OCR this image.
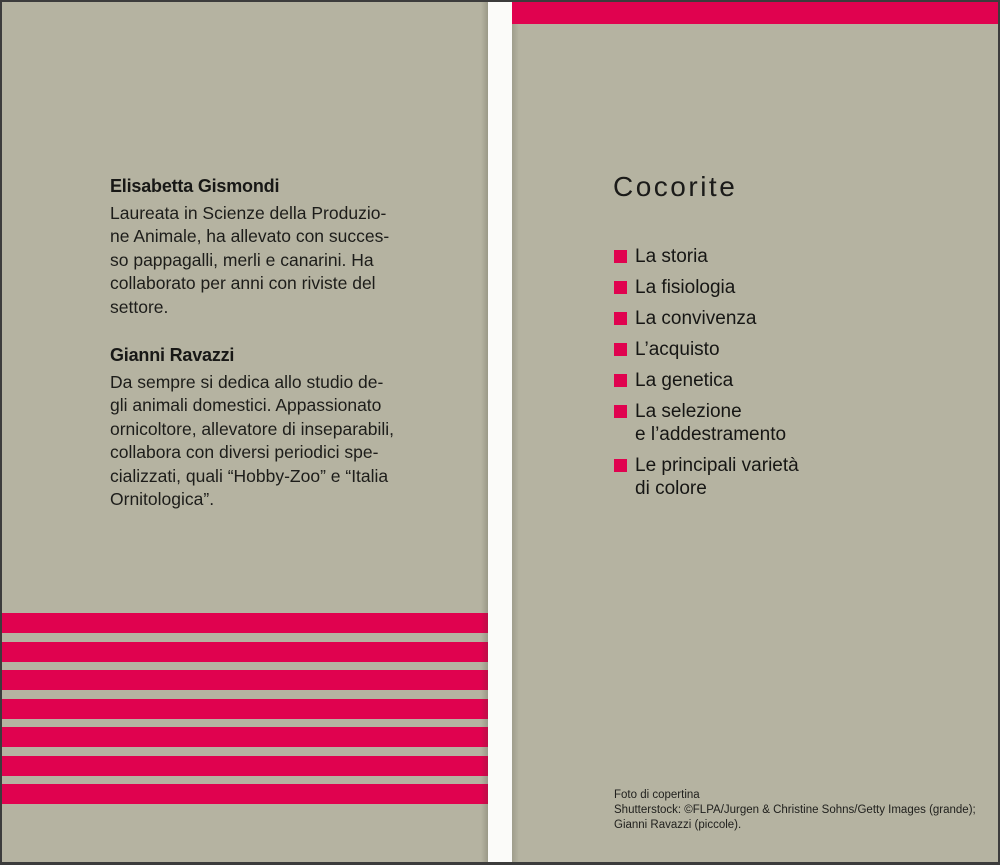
Elisabetta Gismondi
Laureata in Scienze della Produzio-
ne Animale, ha allevato con succes-
so pappagalli, merli e canarini. Ha
collaborato per anni con riviste del
settore.
Gianni Ravazzi
Da sempre si dedica allo studio de-
gli animali domestici. Appassionato
ornicoltore, allevatore di inseparabili,
collabora con diversi periodici spe-
cializzati, quali “Hobby-Zoo” e “Italia
Ornitologica”.
Cocorite
La storia
La fisiologia
La convivenza
L’acquisto
La genetica
La selezione
e l’addestramento
Le principali varietà
di colore
Foto di copertina
Shutterstock: ©FLPA/Jurgen & Christine Sohns/Getty Images (grande);
Gianni Ravazzi (piccole).
